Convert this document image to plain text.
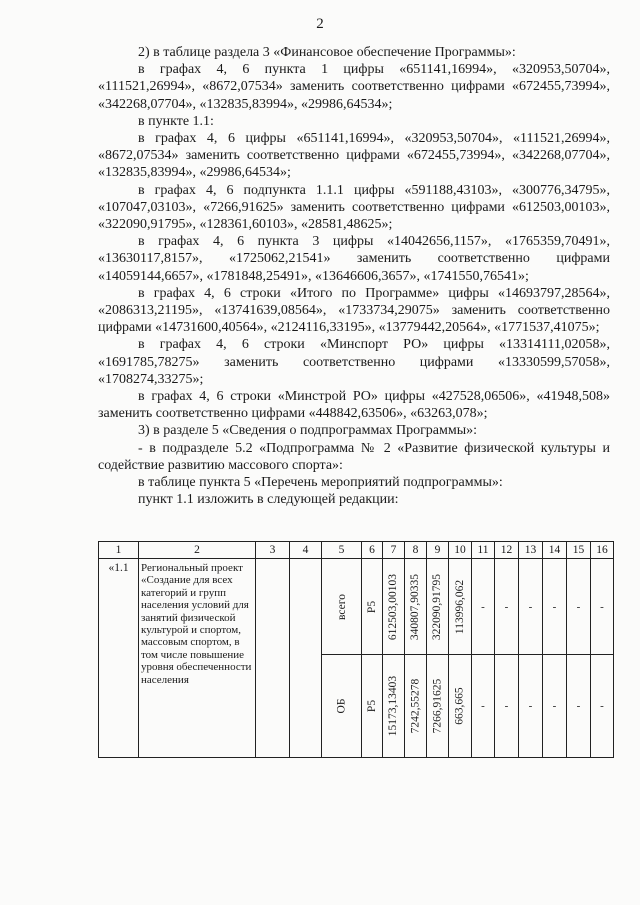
2

2) в таблице раздела 3 «Финансовое обеспечение Программы»:

в графах 4, 6 пункта 1 цифры «651141,16994», «320953,50704», «111521,26994», «8672,07534» заменить соответственно цифрами «672455,73994», «342268,07704», «132835,83994», «29986,64534»;

в пункте 1.1:

в графах 4, 6 цифры «651141,16994», «320953,50704», «111521,26994», «8672,07534» заменить соответственно цифрами «672455,73994», «342268,07704», «132835,83994», «29986,64534»;

в графах 4, 6 подпункта 1.1.1 цифры «591188,43103», «300776,34795», «107047,03103», «7266,91625» заменить соответственно цифрами «612503,00103», «322090,91795», «128361,60103», «28581,48625»;

в графах 4, 6 пункта 3 цифры «14042656,1157», «1765359,70491», «13630117,8157», «1725062,21541» заменить соответственно цифрами «14059144,6657», «1781848,25491», «13646606,3657», «1741550,76541»;

в графах 4, 6 строки «Итого по Программе» цифры «14693797,28564», «2086313,21195», «13741639,08564», «1733734,29075» заменить соответственно цифрами «14731600,40564», «2124116,33195», «13779442,20564», «1771537,41075»;

в графах 4, 6 строки «Минспорт РО» цифры «13314111,02058», «1691785,78275» заменить соответственно цифрами «13330599,57058», «1708274,33275»;

в графах 4, 6 строки «Минстрой РО» цифры «427528,06506», «41948,508» заменить соответственно цифрами «448842,63506», «63263,078»;

3) в разделе 5 «Сведения о подпрограммах Программы»:

- в подразделе 5.2 «Подпрограмма № 2 «Развитие физической культуры и содействие развитию массового спорта»:

в таблице пункта 5 «Перечень мероприятий подпрограммы»:

пункт 1.1 изложить в следующей редакции:

1	2	3	4	5	6	7	8	9	10	11	12	13	14	15	16
«1.1	Региональный проект «Создание для всех категорий и групп населения условий для занятий физической культурой и спортом, массовым спортом, в том числе повышение уровня обеспеченности населения			всего	Р5	612503,00103	340807,90335	322090,91795	113996,062	-	-	-	-	-	-

				ОБ	Р5	15173,13403	7242,55278	7266,91625	663,665	-	-	-	-	-	-
